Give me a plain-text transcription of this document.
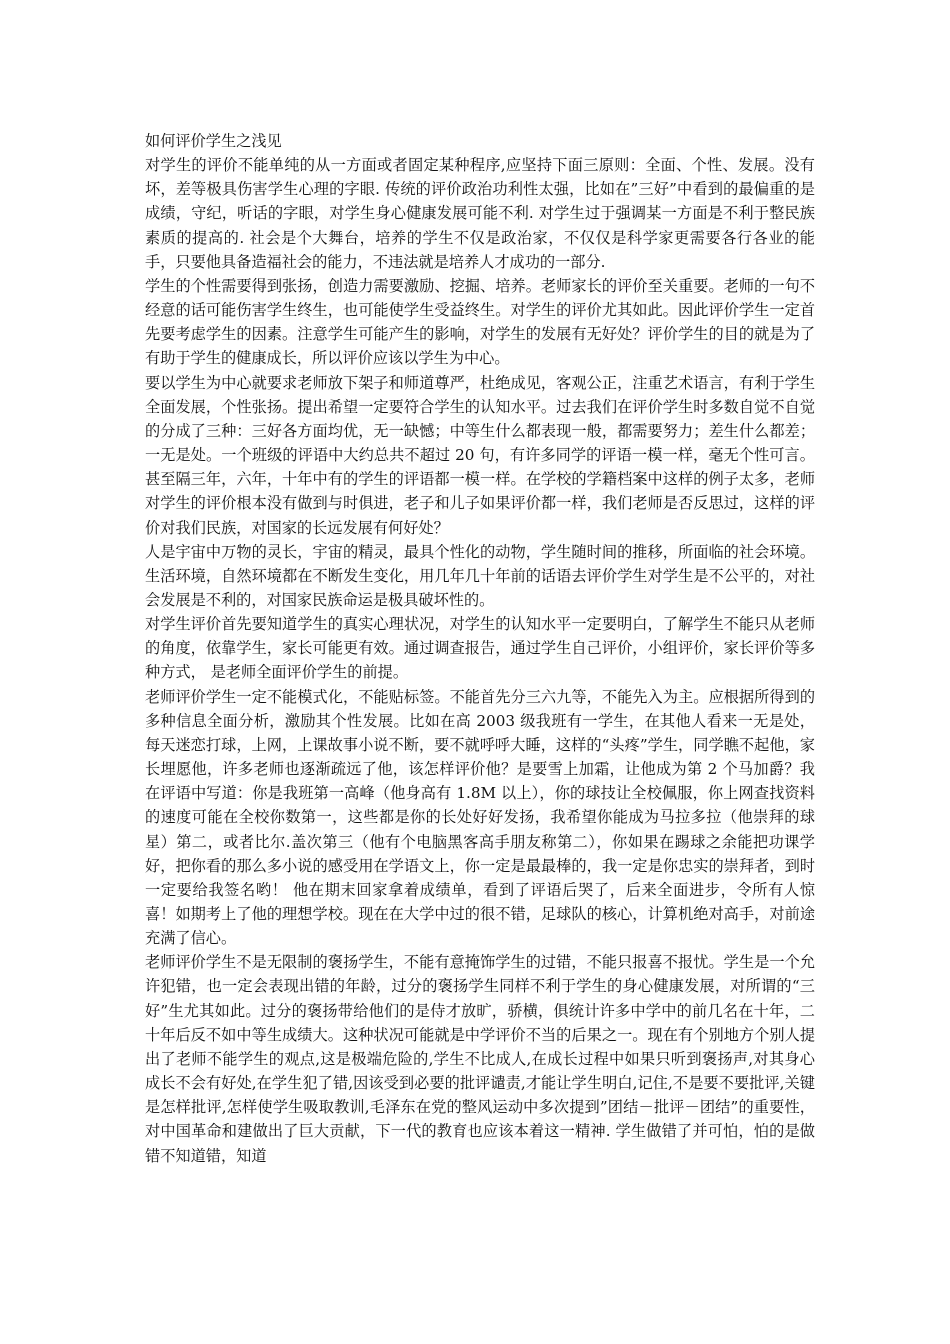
如何评价学生之浅见

对学生的评价不能单纯的从一方面或者固定某种程序,应坚持下面三原则：全面、个性、发展。没有坏，差等极具伤害学生心理的字眼. 传统的评价政治功利性太强，比如在”三好”中看到的最偏重的是成绩，守纪，听话的字眼，对学生身心健康发展可能不利. 对学生过于强调某一方面是不利于整民族素质的提高的. 社会是个大舞台，培养的学生不仅是政治家，不仅仅是科学家更需要各行各业的能手，只要他具备造福社会的能力，不违法就是培养人才成功的一部分.

学生的个性需要得到张扬，创造力需要激励、挖掘、培养。老师家长的评价至关重要。老师的一句不经意的话可能伤害学生终生，也可能使学生受益终生。对学生的评价尤其如此。因此评价学生一定首先要考虑学生的因素。注意学生可能产生的影响，对学生的发展有无好处？评价学生的目的就是为了有助于学生的健康成长，所以评价应该以学生为中心。

要以学生为中心就要求老师放下架子和师道尊严，杜绝成见，客观公正，注重艺术语言，有利于学生全面发展，个性张扬。提出希望一定要符合学生的认知水平。过去我们在评价学生时多数自觉不自觉的分成了三种：三好各方面均优，无一缺憾；中等生什么都表现一般，都需要努力；差生什么都差；一无是处。一个班级的评语中大约总共不超过 20 句，有许多同学的评语一模一样，毫无个性可言。甚至隔三年，六年，十年中有的学生的评语都一模一样。在学校的学籍档案中这样的例子太多，老师对学生的评价根本没有做到与时俱进，老子和儿子如果评价都一样，我们老师是否反思过，这样的评价对我们民族，对国家的长远发展有何好处？

人是宇宙中万物的灵长，宇宙的精灵，最具个性化的动物，学生随时间的推移，所面临的社会环境。生活环境，自然环境都在不断发生变化，用几年几十年前的话语去评价学生对学生是不公平的，对社会发展是不利的，对国家民族命运是极具破坏性的。

对学生评价首先要知道学生的真实心理状况，对学生的认知水平一定要明白，了解学生不能只从老师的角度，依靠学生，家长可能更有效。通过调查报告，通过学生自己评价，小组评价，家长评价等多种方式， 是老师全面评价学生的前提。

老师评价学生一定不能模式化，不能贴标签。不能首先分三六九等，不能先入为主。应根据所得到的多种信息全面分析，激励其个性发展。比如在高 2003 级我班有一学生，在其他人看来一无是处，每天迷恋打球，上网，上课故事小说不断，要不就呼呼大睡，这样的“头疼”学生，同学瞧不起他，家长埋愿他，许多老师也逐渐疏远了他，该怎样评价他？是要雪上加霜，让他成为第 2 个马加爵？我在评语中写道：你是我班第一高峰（他身高有 1.8M 以上），你的球技让全校佩服，你上网查找资料的速度可能在全校你数第一，这些都是你的长处好好发扬，我希望你能成为马拉多拉（他崇拜的球星）第二，或者比尔.盖次第三（他有个电脑黑客高手朋友称第二），你如果在踢球之余能把功课学好，把你看的那么多小说的感受用在学语文上，你一定是最最棒的，我一定是你忠实的崇拜者，到时一定要给我签名哟！ 他在期末回家拿着成绩单，看到了评语后哭了，后来全面进步，令所有人惊喜！如期考上了他的理想学校。现在在大学中过的很不错，足球队的核心，计算机绝对高手，对前途充满了信心。

老师评价学生不是无限制的褒扬学生，不能有意掩饰学生的过错，不能只报喜不报忧。学生是一个允许犯错，也一定会表现出错的年龄，过分的褒扬学生同样不利于学生的身心健康发展，对所谓的“三好”生尤其如此。过分的褒扬带给他们的是侍才放旷，骄横，俱统计许多中学中的前几名在十年，二十年后反不如中等生成绩大。这种状况可能就是中学评价不当的后果之一。现在有个别地方个别人提出了老师不能学生的观点,这是极端危险的,学生不比成人,在成长过程中如果只听到褒扬声,对其身心成长不会有好处,在学生犯了错,因该受到必要的批评谴责,才能让学生明白,记住,不是要不要批评,关键是怎样批评,怎样使学生吸取教训,毛泽东在党的整风运动中多次提到”团结－批评－团结”的重要性，对中国革命和建做出了巨大贡献，下一代的教育也应该本着这一精神. 学生做错了并可怕，怕的是做错不知道错，知道
